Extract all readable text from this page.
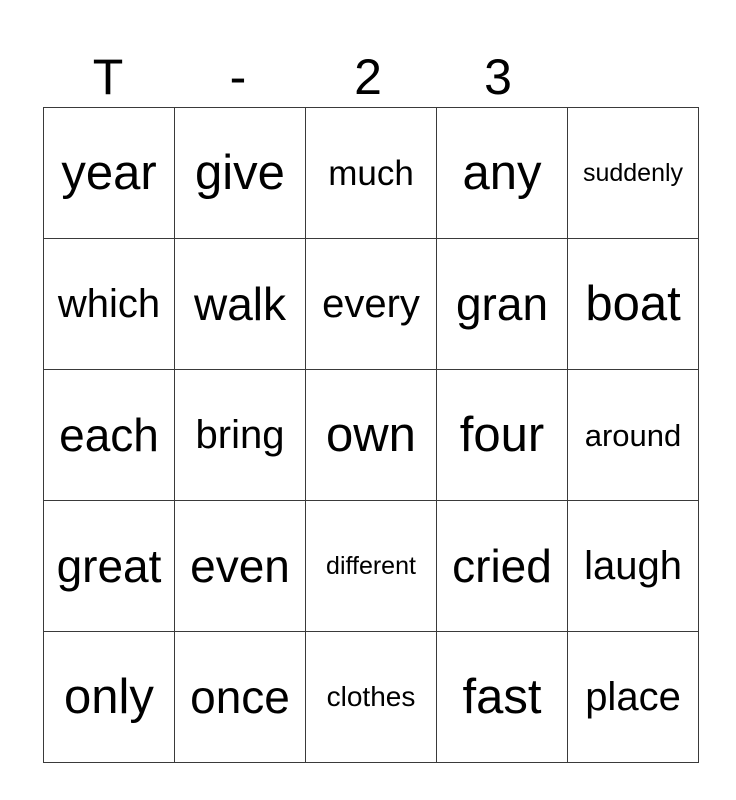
T	-	2	3
year	give	much	any	suddenly
which	walk	every	gran	boat
each	bring	own	four	around
great	even	different	cried	laugh
only	once	clothes	fast	place
